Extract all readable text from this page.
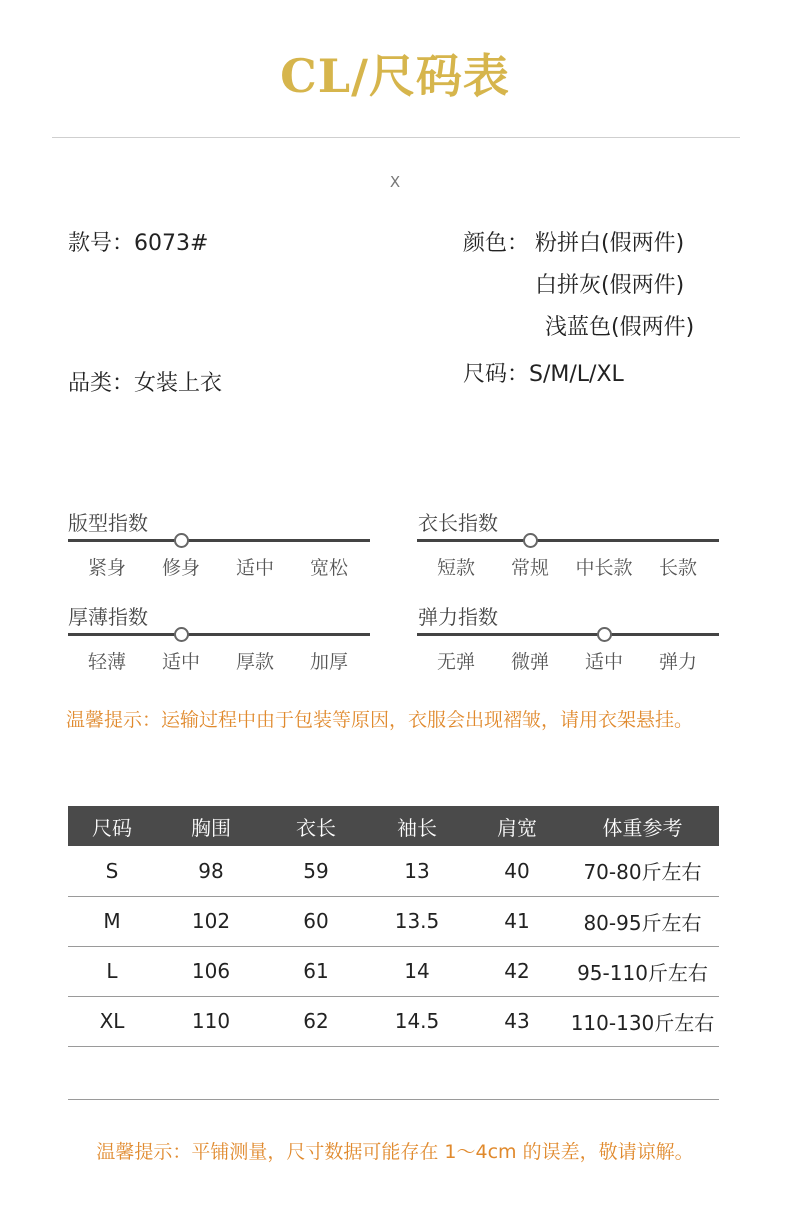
CL/尺码表
X
款号：6073#	颜色： 粉拼白(假两件)
白拼灰(假两件)
浅蓝色(假两件)
品类：女装上衣	尺码：S/M/L/XL
版型指数
紧身	修身	适中	宽松
衣长指数
短款	常规	中长款	长款
厚薄指数
轻薄	适中	厚款	加厚
弹力指数
无弹	微弹	适中	弹力
温馨提示：运输过程中由于包装等原因，衣服会出现褶皱，请用衣架悬挂。
尺码	胸围	衣长	袖长	肩宽	体重参考
S	98	59	13	40	70-80斤左右
M	102	60	13.5	41	80-95斤左右
L	106	61	14	42	95-110斤左右
XL	110	62	14.5	43	110-130斤左右
温馨提示：平铺测量，尺寸数据可能存在 1～4cm 的误差，敬请谅解。
